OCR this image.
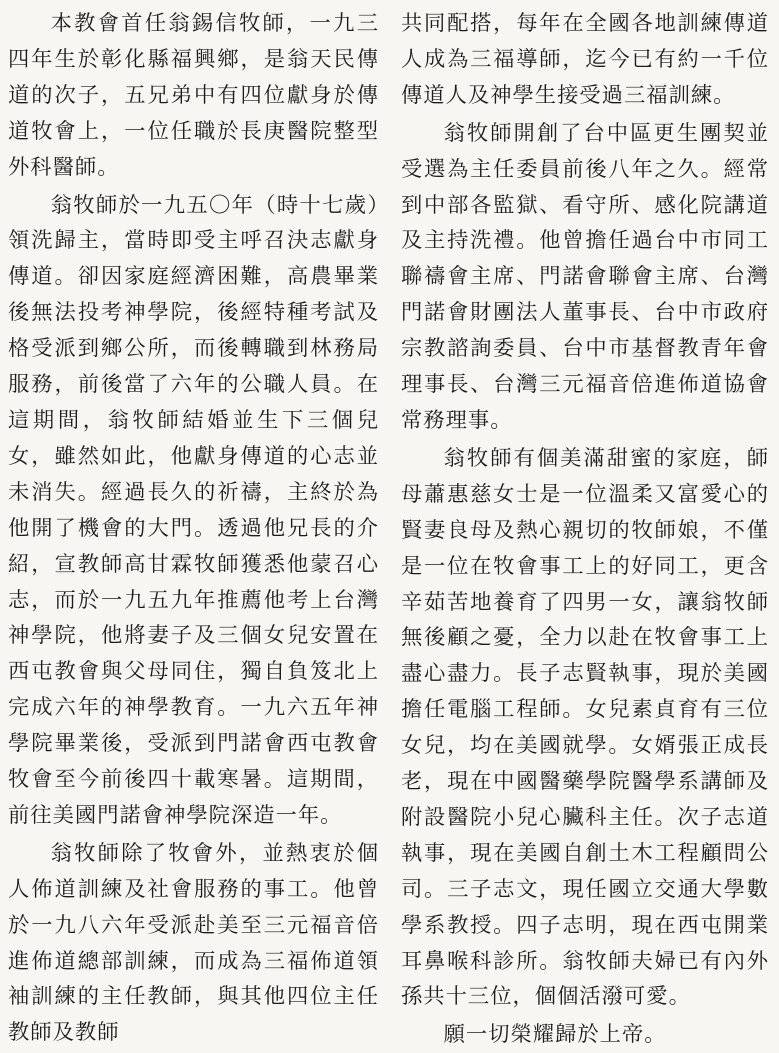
本教會首任翁錫信牧師，一九三四年生於彰化縣福興鄉，是翁天民傳道的次子，五兄弟中有四位獻身於傳道牧會上，一位任職於長庚醫院整型外科醫師。

翁牧師於一九五〇年（時十七歲）領洗歸主，當時即受主呼召決志獻身傳道。卻因家庭經濟困難，高農畢業後無法投考神學院，後經特種考試及格受派到鄉公所，而後轉職到林務局服務，前後當了六年的公職人員。在這期間，翁牧師結婚並生下三個兒女，雖然如此，他獻身傳道的心志並未消失。經過長久的祈禱，主終於為他開了機會的大門。透過他兄長的介紹，宣教師高甘霖牧師獲悉他蒙召心志，而於一九五九年推薦他考上台灣神學院，他將妻子及三個女兒安置在西屯教會與父母同住，獨自負笈北上完成六年的神學教育。一九六五年神學院畢業後，受派到門諾會西屯教會牧會至今前後四十載寒暑。這期間，前往美國門諾會神學院深造一年。

翁牧師除了牧會外，並熱衷於個人佈道訓練及社會服務的事工。他曾於一九八六年受派赴美至三元福音倍進佈道總部訓練，而成為三福佈道領袖訓練的主任教師，與其他四位主任教師及教師

共同配搭，每年在全國各地訓練傳道人成為三福導師，迄今已有約一千位傳道人及神學生接受過三福訓練。

翁牧師開創了台中區更生團契並受選為主任委員前後八年之久。經常到中部各監獄、看守所、感化院講道及主持洗禮。他曾擔任過台中市同工聯禱會主席、門諾會聯會主席、台灣門諾會財團法人董事長、台中市政府宗教諮詢委員、台中市基督教青年會理事長、台灣三元福音倍進佈道協會常務理事。

翁牧師有個美滿甜蜜的家庭，師母蕭惠慈女士是一位溫柔又富愛心的賢妻良母及熱心親切的牧師娘，不僅是一位在牧會事工上的好同工，更含辛茹苦地養育了四男一女，讓翁牧師無後顧之憂，全力以赴在牧會事工上盡心盡力。長子志賢執事，現於美國擔任電腦工程師。女兒素貞育有三位女兒，均在美國就學。女婿張正成長老，現在中國醫藥學院醫學系講師及附設醫院小兒心臟科主任。次子志道執事，現在美國自創土木工程顧問公司。三子志文，現任國立交通大學數學系教授。四子志明，現在西屯開業耳鼻喉科診所。翁牧師夫婦已有內外孫共十三位，個個活潑可愛。

願一切榮耀歸於上帝。
